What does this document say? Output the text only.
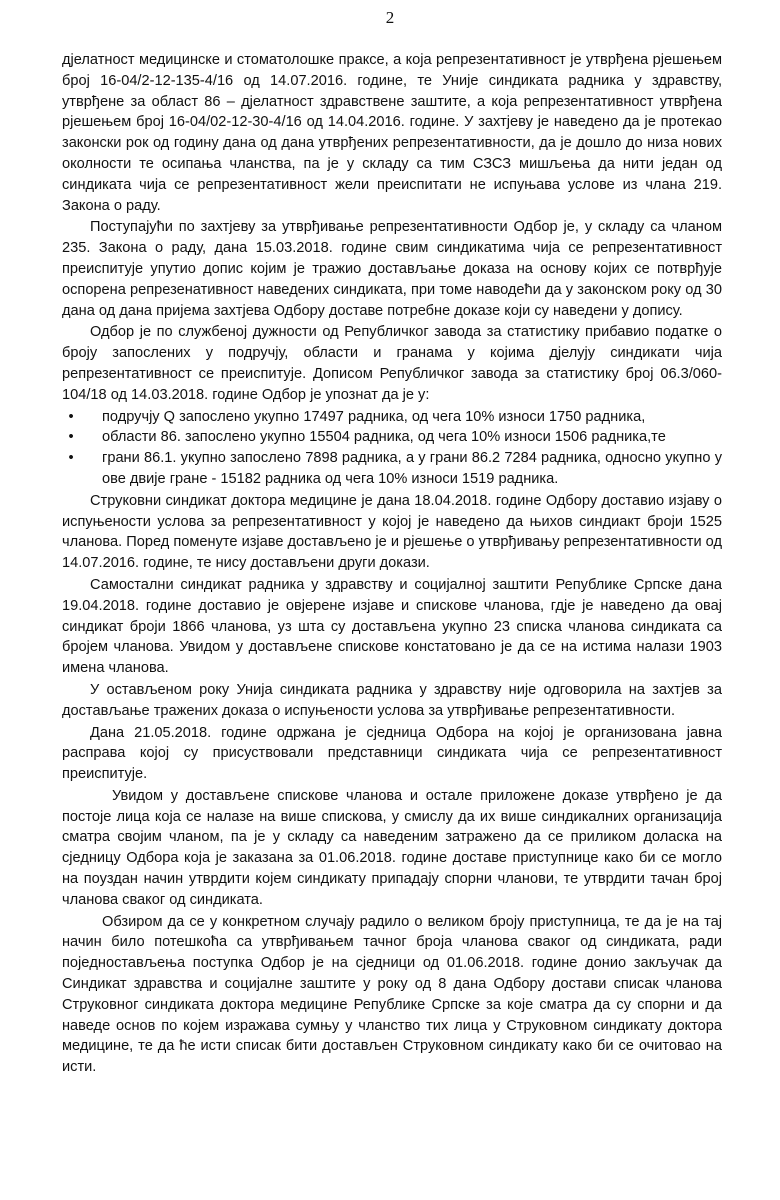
2

дјелатност медицинске и стоматолошке праксе, а која репрезентативност је утврђена рјешењем број 16-04/2-12-135-4/16 од 14.07.2016. године, те Уније синдиката радника у здравству, утврђене за област 86 – дјелатност здравствене заштите, а која репрезентативност утврђена рјешењем број 16-04/02-12-30-4/16 од 14.04.2016. године. У захтјеву је наведено да је протекао законски рок од годину дана од дана утврђених репрезентативности, да је дошло до низа нових околности те осипања чланства, па је у складу са тим СЗСЗ мишљења да нити један од синдиката чија се репрезентативност жели преиспитати не испуњава услове из члана 219. Закона о раду.

Поступајући по захтјеву за утврђивање репрезентативности Одбор је, у складу са чланом 235. Закона о раду, дана 15.03.2018. године свим синдикатима чија се репрезентативност преиспитује упутио допис којим је тражио достављање доказа на основу којих се потврђује оспорена репрезенативност наведених синдиката, при томе наводећи да у законском року од 30 дана од дана пријема захтјева Одбору доставе потребне доказе који су наведени у допису.

Одбор је по службеној дужности од Републичког завода за статистику прибавио податке о броју запослених у подручју, области и гранама у којима дјелују синдикати чија репрезентативност се преиспитује. Дописом Републичког завода за статистику број 06.3/060-104/18 од 14.03.2018. године Одбор је упознат да је у:

• подручју Q запослено укупно 17497 радника, од чега 10% износи 1750 радника,
• области 86. запослено укупно 15504 радника, од чега 10% износи 1506 радника,те
• грани 86.1. укупно запослено 7898 радника, а у грани 86.2 7284 радника, односно укупно у ове двије гране - 15182 радника од чега 10% износи 1519 радника.

Струковни синдикат доктора медицине је дана 18.04.2018. године Одбору доставио изјаву о испуњености услова за репрезентативност у којој је наведено да њихов синдиакт броји 1525 чланова. Поред поменуте изјаве достављено је и рјешење о утврђивању репрезентативности од 14.07.2016. године, те нису достављени други докази.

Самостални синдикат радника у здравству и социјалној заштити Републике Српске дана 19.04.2018. године доставио је овјерене изјаве и спискове чланова, гдје је наведено да овај синдикат броји 1866 чланова, уз шта су достављена укупно 23 списка чланова синдиката са бројем чланова. Увидом у достављене спискове констатовано је да се на истима налази 1903 имена чланова.

У остављеном року Унија синдиката радника у здравству није одговорила на захтјев за достављање тражених доказа о испуњености услова за утврђивање репрезентативности.

Дана 21.05.2018. године одржана је сједница Одбора на којој је организована јавна расправа којој су присуствовали представници синдиката чија се репрезентативност преиспитује.

Увидом у достављене спискове чланова и остале приложене доказе утврђено је да постоје лица која се налазе на више спискова, у смислу да их више синдикалних организација сматра својим чланом, па је у складу са наведеним затражено да се приликом доласка на сједницу Одбора која је заказана за 01.06.2018. године доставе приступнице како би се могло на поуздан начин утврдити којем синдикату припадају спорни чланови, те утврдити тачан број чланова сваког од синдиката.

Обзиром да се у конкретном случају радило о великом броју приступница, те да је на тај начин било потешкоћа са утврђивањем тачног броја чланова сваког од синдиката, ради појeдностављења поступка Одбор је на сједници од 01.06.2018. године донио закључак да Синдикат здравства и социјалне заштите у року од 8 дана Одбору достави списак чланова Струковног синдиката доктора медицине Републике Српске за које сматра да су спорни и да наведе основ по којем изражава сумњу у чланство тих лица у Струковном синдикату доктора медицине, те да ће исти списак бити достављен Струковном синдикату како би се очитовао на исти.
